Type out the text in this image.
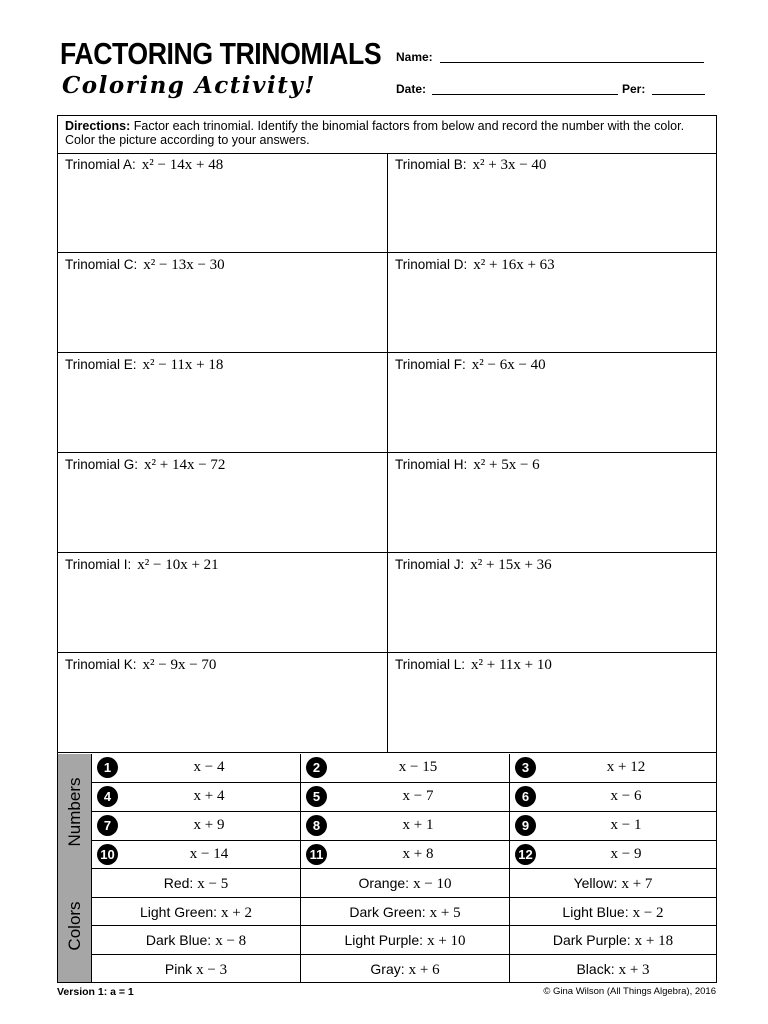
FACTORING TRINOMIALS
Coloring Activity!
Name:
Date:	Per:
Directions: Factor each trinomial. Identify the binomial factors from below and record the number with the color. Color the picture according to your answers.
Trinomial A: x² − 14x + 48	Trinomial B: x² + 3x − 40
Trinomial C: x² − 13x − 30	Trinomial D: x² + 16x + 63
Trinomial E: x² − 11x + 18	Trinomial F: x² − 6x − 40
Trinomial G: x² + 14x − 72	Trinomial H: x² + 5x − 6
Trinomial I: x² − 10x + 21	Trinomial J: x² + 15x + 36
Trinomial K: x² − 9x − 70	Trinomial L: x² + 11x + 10
Numbers
1	x − 4	2	x − 15	3	x + 12
4	x + 4	5	x − 7	6	x − 6
7	x + 9	8	x + 1	9	x − 1
10	x − 14	11	x + 8	12	x − 9
Colors
Red: x − 5	Orange: x − 10	Yellow: x + 7
Light Green: x + 2	Dark Green: x + 5	Light Blue: x − 2
Dark Blue: x − 8	Light Purple: x + 10	Dark Purple: x + 18
Pink x − 3	Gray: x + 6	Black: x + 3
Version 1: a = 1	© Gina Wilson (All Things Algebra), 2016
